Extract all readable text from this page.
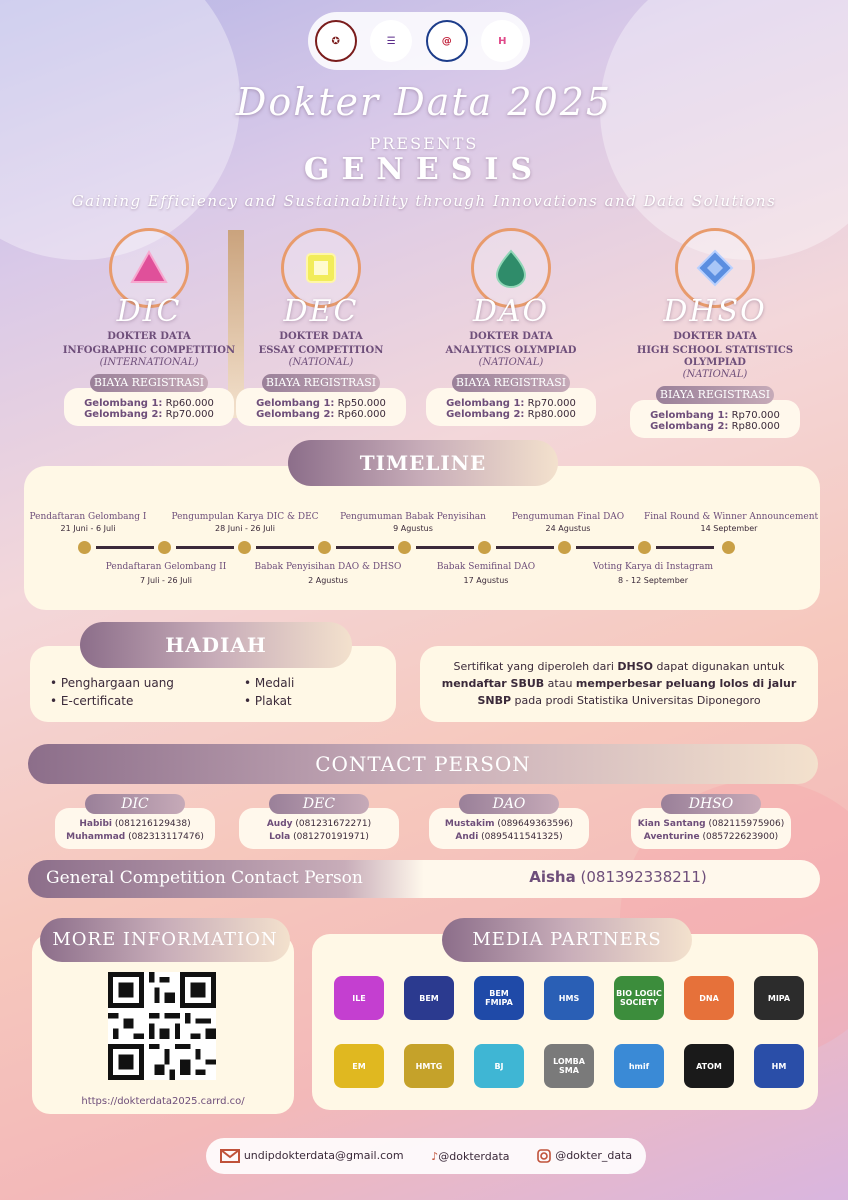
✪	☰	@	H
Dokter Data 2025
PRESENTS
GENESIS
Gaining Efficiency and Sustainability through Innovations and Data Solutions
DIC
DOKTER DATA
INFOGRAPHIC COMPETITION
(INTERNATIONAL)
BIAYA REGISTRASI
Gelombang 1: Rp60.000
Gelombang 2: Rp70.000
DEC
DOKTER DATA
ESSAY COMPETITION
(NATIONAL)
BIAYA REGISTRASI
Gelombang 1: Rp50.000
Gelombang 2: Rp60.000
DAO
DOKTER DATA
ANALYTICS OLYMPIAD
(NATIONAL)
BIAYA REGISTRASI
Gelombang 1: Rp70.000
Gelombang 2: Rp80.000
DHSO
DOKTER DATA
HIGH SCHOOL STATISTICS OLYMPIAD
(NATIONAL)
BIAYA REGISTRASI
Gelombang 1: Rp70.000
Gelombang 2: Rp80.000
TIMELINE
Pendaftaran Gelombang I
21 Juni - 6 Juli
Pengumpulan Karya DIC & DEC
28 Juni - 26 Juli
Pengumuman Babak Penyisihan
9 Agustus
Pengumuman Final DAO
24 Agustus
Final Round & Winner Announcement
14 September
Pendaftaran Gelombang II
7 Juli - 26 Juli
Babak Penyisihan DAO & DHSO
2 Agustus
Babak Semifinal DAO
17 Agustus
Voting Karya di Instagram
8 - 12 September
HADIAH
• Penghargaan uang
• E-certificate
• Medali
• Plakat
Sertifikat yang diperoleh dari DHSO dapat digunakan untuk
mendaftar SBUB atau memperbesar peluang lolos di jalur
SNBP pada prodi Statistika Universitas Diponegoro
CONTACT PERSON
DIC
Habibi (081216129438)
Muhammad (082313117476)
DEC
Audy (081231672271)
Lola (081270191971)
DAO
Mustakim (089649363596)
Andi (0895411541325)
DHSO
Kian Santang (082115975906)
Aventurine (085722623900)
General Competition Contact Person	Aisha (081392338211)
MORE INFORMATION
https://dokterdata2025.carrd.co/
MEDIA PARTNERS
ILE	BEM	BEM FMIPA	HMS	BIO LOGIC SOCIETY	DNA	MIPA
EM	HMTG	BJ	LOMBA SMA	hmif	ATOM	HM
undipdokterdata@gmail.com	♪@dokterdata	@dokter_data
